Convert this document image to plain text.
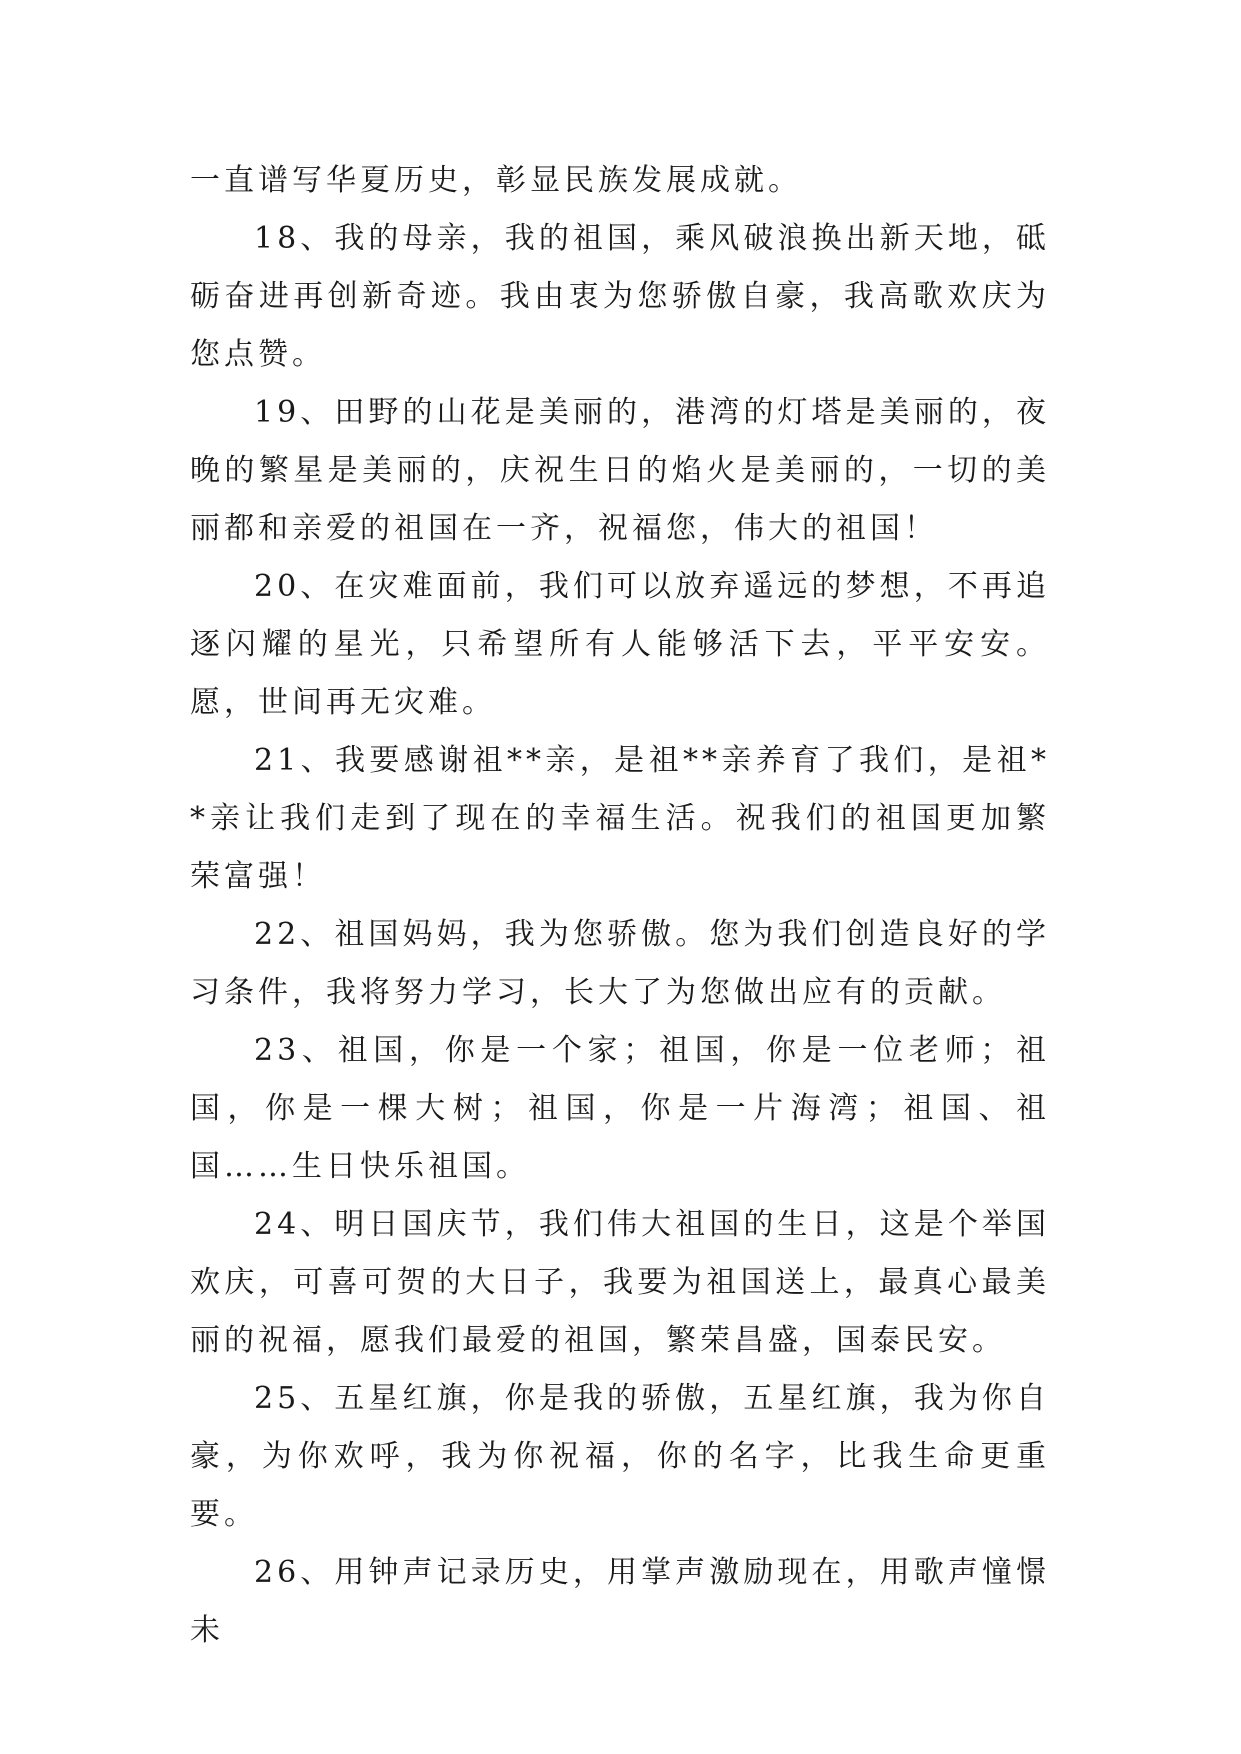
一直谱写华夏历史，彰显民族发展成就。

18、我的母亲，我的祖国，乘风破浪换出新天地，砥砺奋进再创新奇迹。我由衷为您骄傲自豪，我高歌欢庆为您点赞。

19、田野的山花是美丽的，港湾的灯塔是美丽的，夜晚的繁星是美丽的，庆祝生日的焰火是美丽的，一切的美丽都和亲爱的祖国在一齐，祝福您，伟大的祖国！

20、在灾难面前，我们可以放弃遥远的梦想，不再追逐闪耀的星光，只希望所有人能够活下去，平平安安。愿，世间再无灾难。

21、我要感谢祖**亲，是祖**亲养育了我们，是祖**亲让我们走到了现在的幸福生活。祝我们的祖国更加繁荣富强！

22、祖国妈妈，我为您骄傲。您为我们创造良好的学习条件，我将努力学习，长大了为您做出应有的贡献。

23、祖国，你是一个家；祖国，你是一位老师；祖国，你是一棵大树；祖国，你是一片海湾；祖国、祖国……生日快乐祖国。

24、明日国庆节，我们伟大祖国的生日，这是个举国欢庆，可喜可贺的大日子，我要为祖国送上，最真心最美丽的祝福，愿我们最爱的祖国，繁荣昌盛，国泰民安。

25、五星红旗，你是我的骄傲，五星红旗，我为你自豪，为你欢呼，我为你祝福，你的名字，比我生命更重要。

26、用钟声记录历史，用掌声激励现在，用歌声憧憬未
